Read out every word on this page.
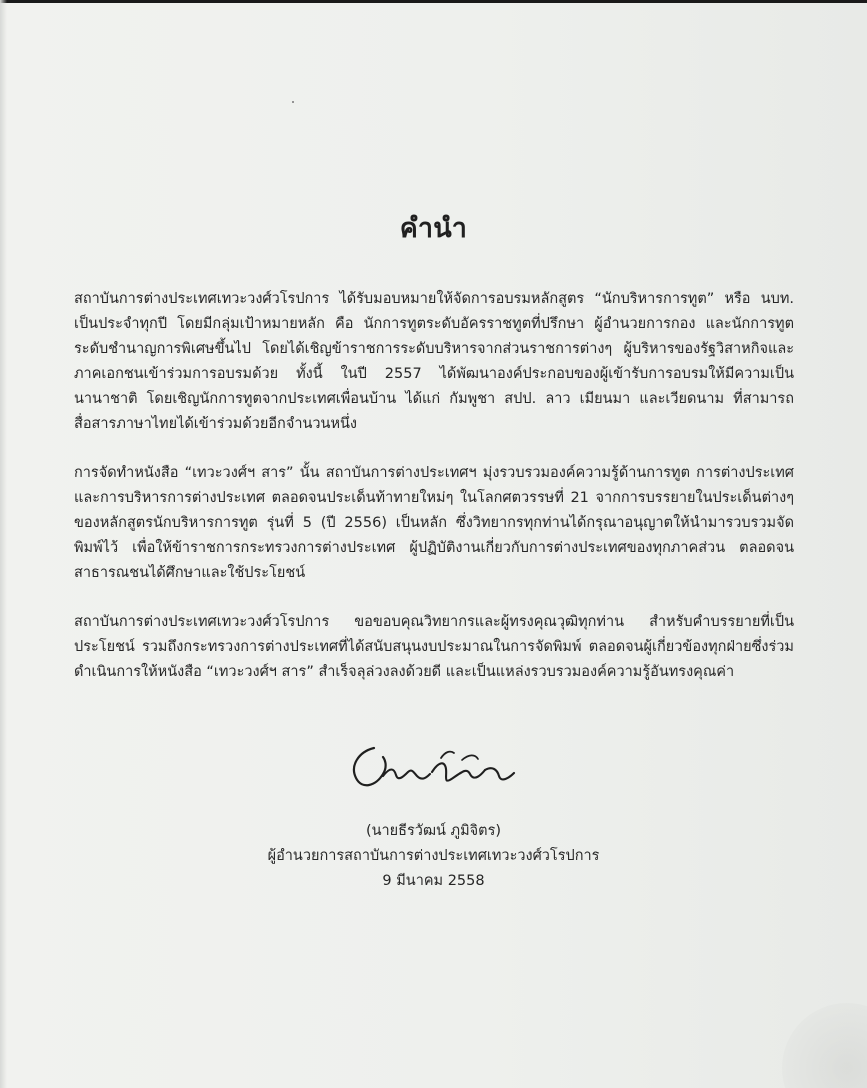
คำนำ
สถาบันการต่างประเทศเทวะวงศ์วโรปการ ได้รับมอบหมายให้จัดการอบรมหลักสูตร “นักบริหารการทูต” หรือ นบท. เป็นประจำทุกปี โดยมีกลุ่มเป้าหมายหลัก คือ นักการทูตระดับอัครราชทูตที่ปรึกษา ผู้อำนวยการกอง และนักการทูตระดับชำนาญการพิเศษขึ้นไป โดยได้เชิญข้าราชการระดับบริหารจากส่วนราชการต่างๆ ผู้บริหารของรัฐวิสาหกิจและภาคเอกชนเข้าร่วมการอบรมด้วย ทั้งนี้ ในปี 2557 ได้พัฒนาองค์ประกอบของผู้เข้ารับการอบรมให้มีความเป็นนานาชาติ โดยเชิญนักการทูตจากประเทศเพื่อนบ้าน ได้แก่ กัมพูชา สปป. ลาว เมียนมา และเวียดนาม ที่สามารถสื่อสารภาษาไทยได้เข้าร่วมด้วยอีกจำนวนหนึ่ง
การจัดทำหนังสือ “เทวะวงศ์ฯ สาร” นั้น สถาบันการต่างประเทศฯ มุ่งรวบรวมองค์ความรู้ด้านการทูต การต่างประเทศและการบริหารการต่างประเทศ ตลอดจนประเด็นท้าทายใหม่ๆ ในโลกศตวรรษที่ 21 จากการบรรยายในประเด็นต่างๆ ของหลักสูตรนักบริหารการทูต รุ่นที่ 5 (ปี 2556) เป็นหลัก ซึ่งวิทยากรทุกท่านได้กรุณาอนุญาตให้นำมารวบรวมจัดพิมพ์ไว้ เพื่อให้ข้าราชการกระทรวงการต่างประเทศ ผู้ปฏิบัติงานเกี่ยวกับการต่างประเทศของทุกภาคส่วน ตลอดจนสาธารณชนได้ศึกษาและใช้ประโยชน์
สถาบันการต่างประเทศเทวะวงศ์วโรปการ ขอขอบคุณวิทยากรและผู้ทรงคุณวุฒิทุกท่าน สำหรับคำบรรยายที่เป็นประโยชน์ รวมถึงกระทรวงการต่างประเทศที่ได้สนับสนุนงบประมาณในการจัดพิมพ์ ตลอดจนผู้เกี่ยวข้องทุกฝ่ายซึ่งร่วมดำเนินการให้หนังสือ “เทวะวงศ์ฯ สาร” สำเร็จลุล่วงลงด้วยดี และเป็นแหล่งรวบรวมองค์ความรู้อันทรงคุณค่า
(นายธีรวัฒน์ ภูมิจิตร)
ผู้อำนวยการสถาบันการต่างประเทศเทวะวงศ์วโรปการ
9 มีนาคม 2558
